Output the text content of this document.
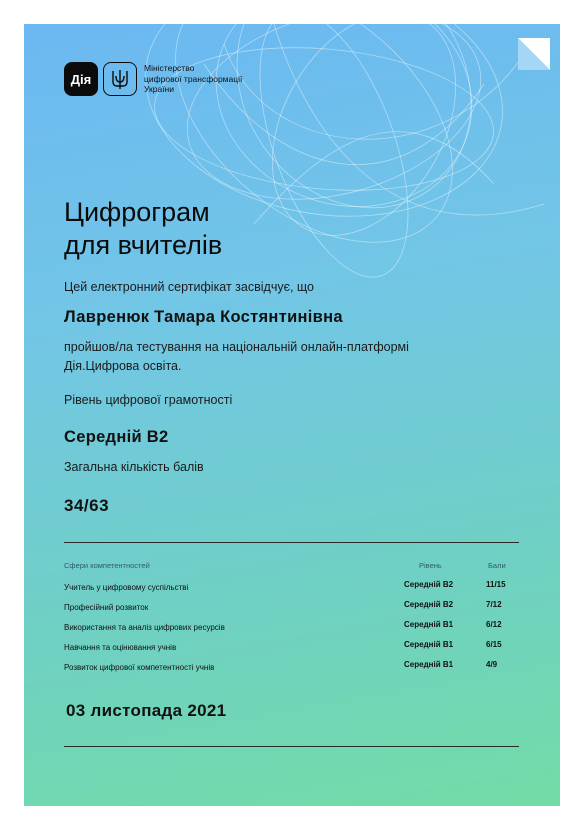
Дія
Міністерство
цифрової трансформації
України
Цифрограм
для вчителів
Цей електронний сертифікат засвідчує, що
Лавренюк Тамара Костянтинівна
пройшов/ла тестування на національній онлайн-платформі
Дія.Цифрова освіта.
Рівень цифрової грамотності
Середній B2
Загальна кількість балів
34/63
Сфери компетентностей	Рівень	Бали
Учитель у цифровому суспільстві	Середній B2	11/15
Професійний розвиток	Середній B2	7/12
Використання та аналіз цифрових ресурсів	Середній B1	6/12
Навчання та оцінювання учнів	Середній B1	6/15
Розвиток цифрової компетентності учнів	Середній B1	4/9
03 листопада 2021
